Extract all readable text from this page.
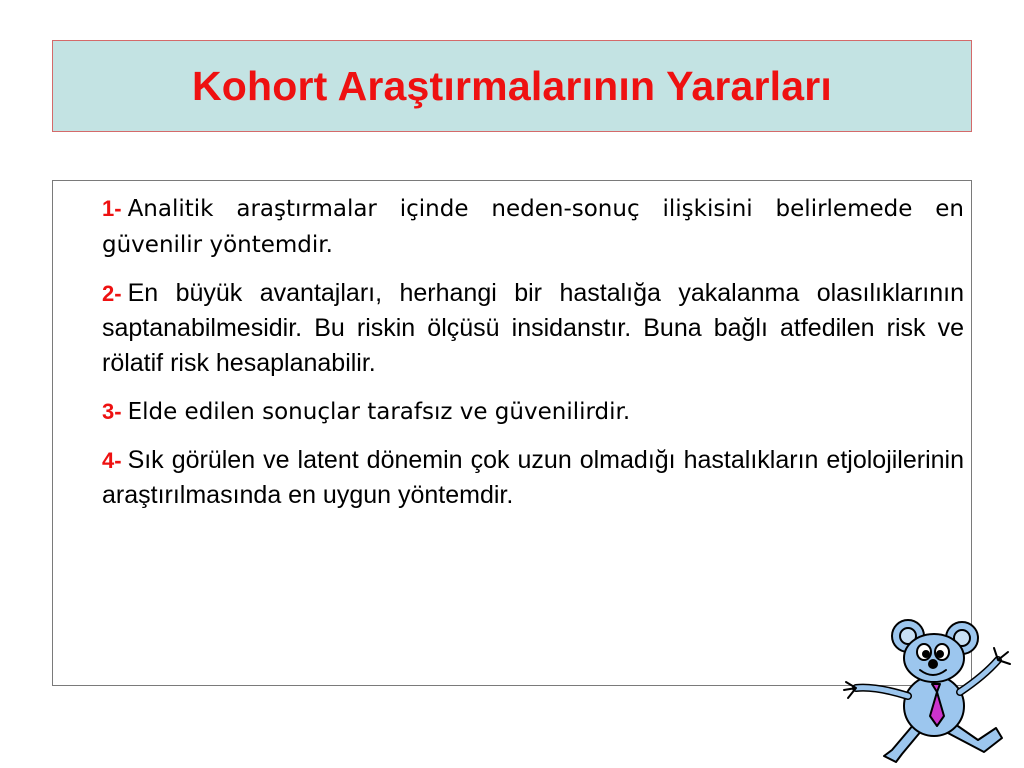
Kohort Araştırmalarının Yararları

1- Analitik araştırmalar içinde neden-sonuç ilişkisini belirlemede en güvenilir yöntemdir.

2- En büyük avantajları, herhangi bir hastalığa yakalanma olasılıklarının saptanabilmesidir. Bu riskin ölçüsü insidanstır. Buna bağlı atfedilen risk ve rölatif risk hesaplanabilir.

3- Elde edilen sonuçlar tarafsız ve güvenilirdir.

4- Sık görülen ve latent dönemin çok uzun olmadığı hastalıkların etjolojilerinin araştırılmasında en uygun yöntemdir.
